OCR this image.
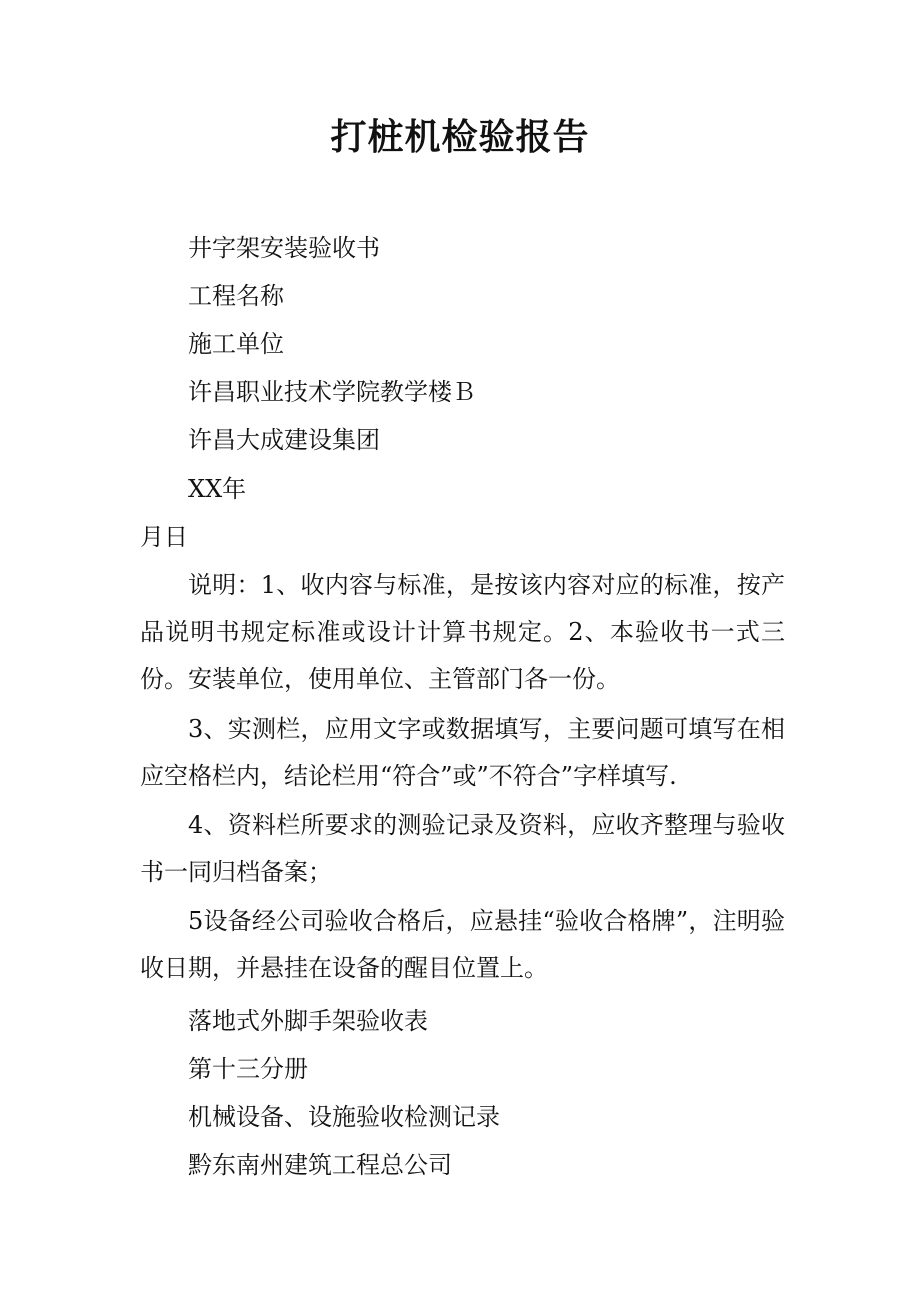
打桩机检验报告

井字架安装验收书

工程名称

施工单位

许昌职业技术学院教学楼Ｂ

许昌大成建设集团

XX年

月日

说明：1、收内容与标准，是按该内容对应的标准，按产品说明书规定标准或设计计算书规定。2、本验收书一式三份。安装单位，使用单位、主管部门各一份。

3、实测栏，应用文字或数据填写，主要问题可填写在相应空格栏内，结论栏用“符合”或”不符合”字样填写.

4、资料栏所要求的测验记录及资料，应收齐整理与验收书一同归档备案；

5设备经公司验收合格后，应悬挂“验收合格牌”，注明验收日期，并悬挂在设备的醒目位置上。

落地式外脚手架验收表

第十三分册

机械设备、设施验收检测记录

黔东南州建筑工程总公司
